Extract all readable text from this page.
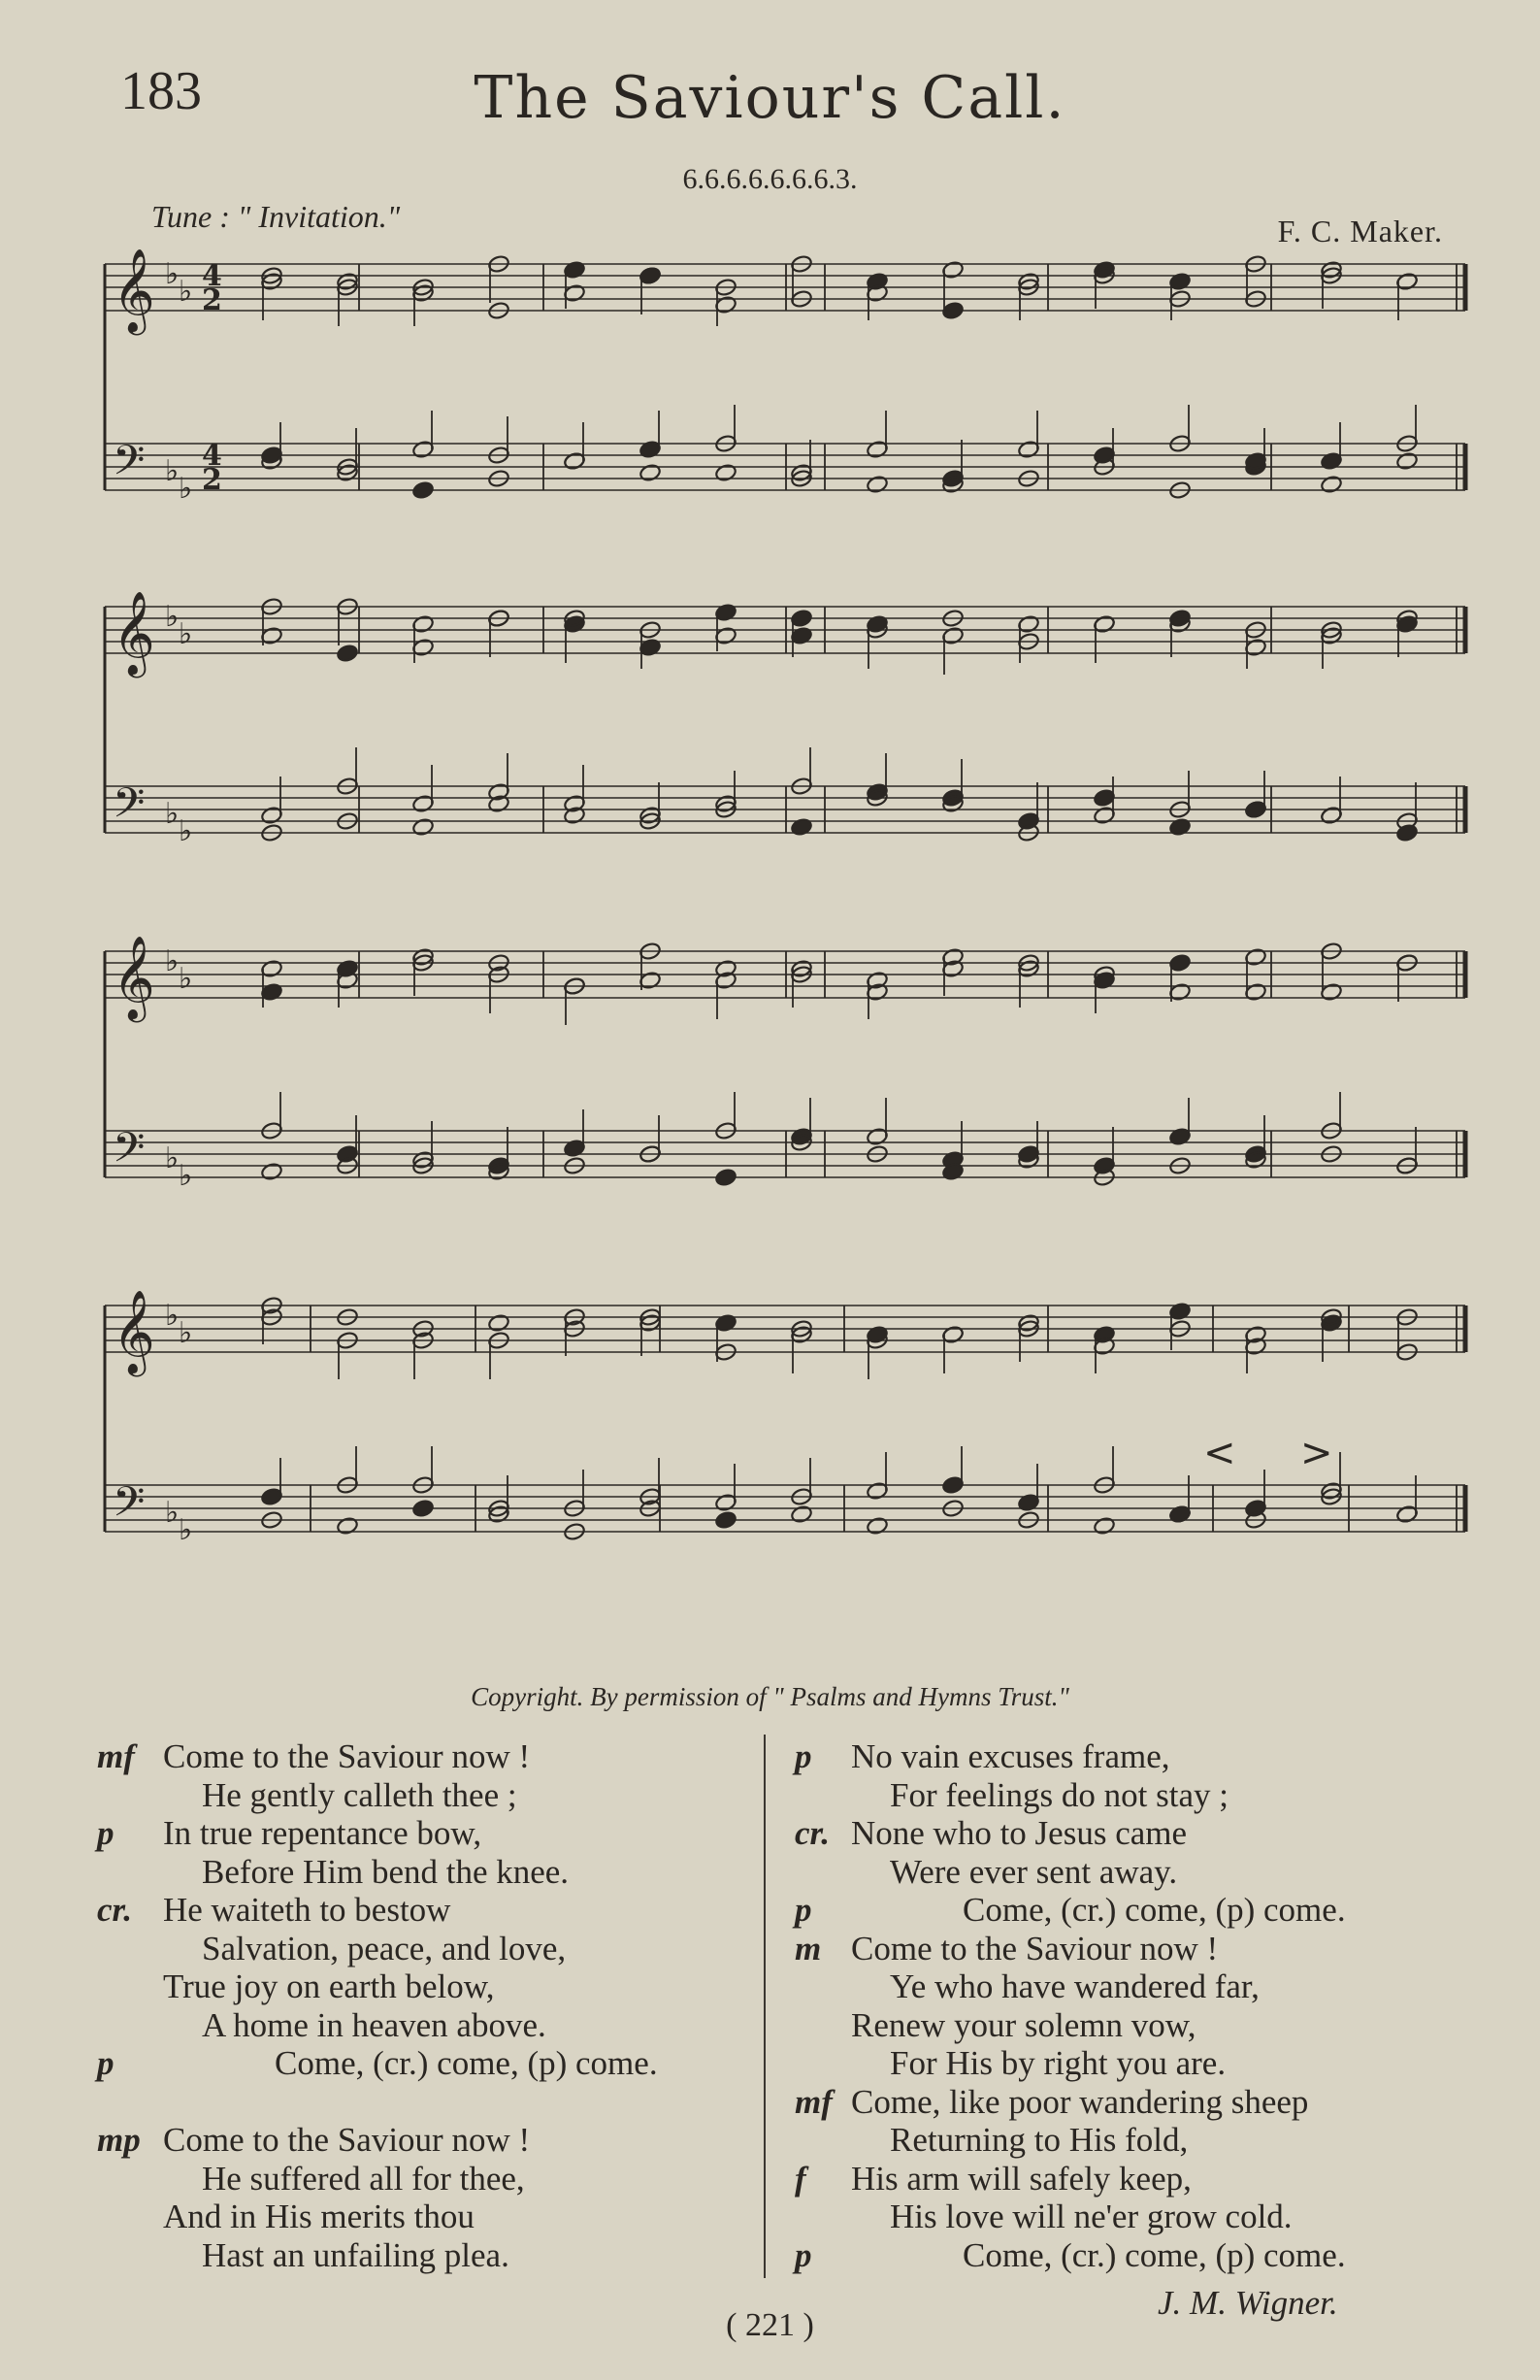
183	The Saviour's Call.
6.6.6.6.6.6.6.3.
Tune : " Invitation."	F. C. Maker.
𝄞 ♭
♭ 4
2
𝄢 ♭
♭
4
2
𝄞 ♭
♭
𝄢 ♭
♭
𝄞 ♭
♭
𝄢 ♭
♭
𝄞 ♭
♭
𝄢 ♭
♭
< >
Copyright. By permission of " Psalms and Hymns Trust."
mf Come to the Saviour now !
He gently calleth thee ;
p In true repentance bow,
Before Him bend the knee.
cr. He waiteth to bestow
Salvation, peace, and love,
True joy on earth below,
A home in heaven above.
p	Come, (cr.) come, (p) come.
mp Come to the Saviour now !
He suffered all for thee,
And in His merits thou
Hast an unfailing plea.
p No vain excuses frame,
For feelings do not stay ;
cr. None who to Jesus came
Were ever sent away.
p	Come, (cr.) come, (p) come.
m Come to the Saviour now !
Ye who have wandered far,
Renew your solemn vow,
For His by right you are.
mf Come, like poor wandering sheep
Returning to His fold,
f His arm will safely keep,
His love will ne'er grow cold.
p	Come, (cr.) come, (p) come.
J. M. Wigner.
( 221 )
